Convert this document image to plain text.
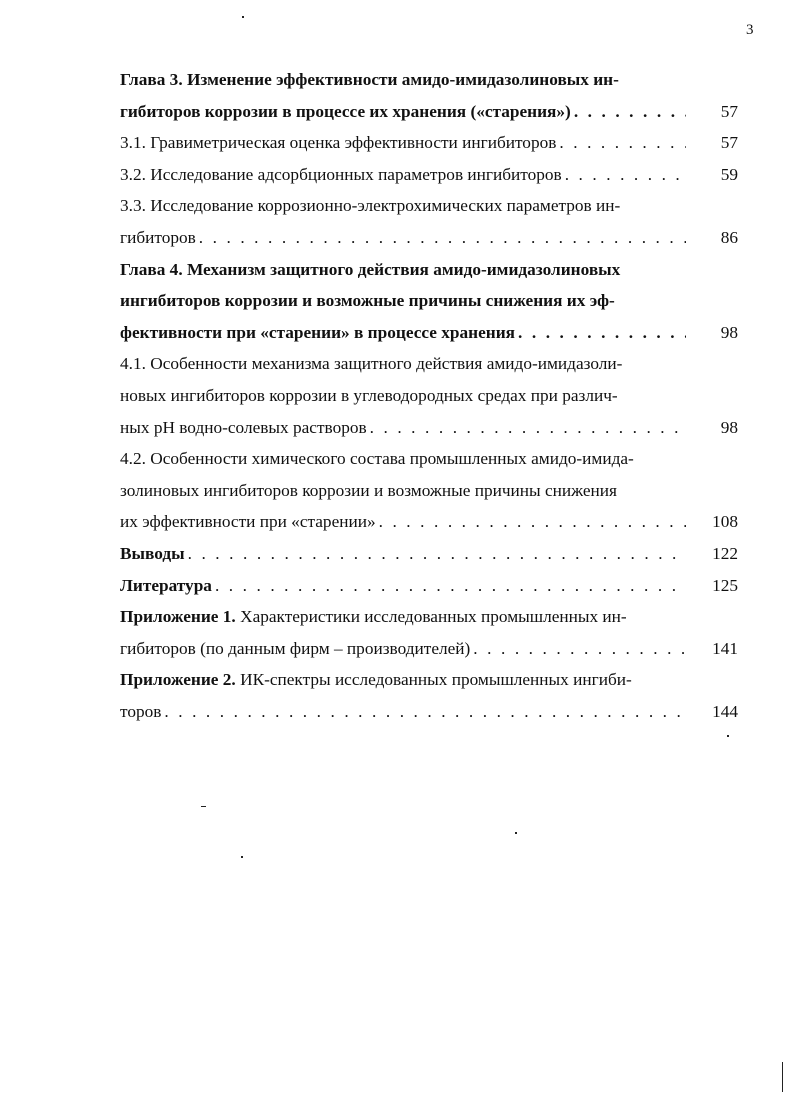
3
Глава 3. Изменение эффективности амидо-имидазолиновых ин-
гибиторов коррозии в процессе их хранения («старения») . . .	57
3.1. Гравиметрическая оценка эффективности ингибиторов . . .	57
3.2. Исследование адсорбционных параметров ингибиторов . . .	59
3.3. Исследование коррозионно-электрохимических параметров ин-
гибиторов . . .	86
Глава 4. Механизм защитного действия амидо-имидазолиновых
ингибиторов коррозии и возможные причины снижения их эф-
фективности при «старении» в процессе хранения . . .	98
4.1. Особенности механизма защитного действия амидо-имидазоли-
новых ингибиторов коррозии в углеводородных средах при различ-
ных pH водно-солевых растворов . . .	98
4.2. Особенности химического состава промышленных амидо-имида-
золиновых ингибиторов коррозии и возможные причины снижения
их эффективности при «старении» . . .	108
Выводы . . .	122
Литература . . .	125
Приложение 1. Характеристики исследованных промышленных ин-
гибиторов (по данным фирм – производителей) . . .	141
Приложение 2. ИК-спектры исследованных промышленных ингиби-
торов . . .	144
